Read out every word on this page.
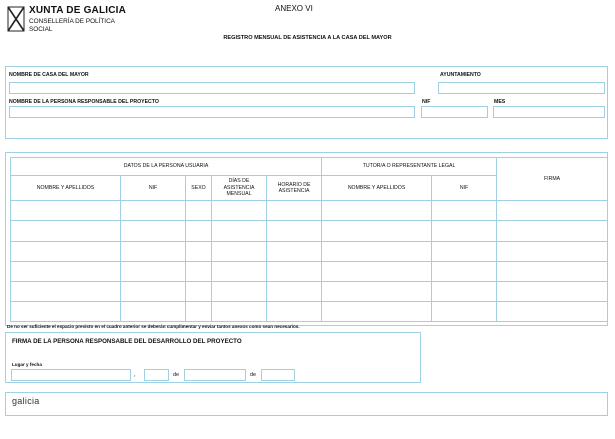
XUNTA DE GALICIA
CONSELLERÍA DE POLÍTICA
SOCIAL
ANEXO VI
REGISTRO MENSUAL DE ASISTENCIA A LA CASA DEL MAYOR
NOMBRE DE CASA DEL MAYOR	AYUNTAMIENTO
NOMBRE DE LA PERSONA RESPONSABLE DEL PROYECTO	NIF	MES
DATOS DE LA PERSONA USUARIA					TUTOR/A O REPRESENTANTE LEGAL		FIRMA
NOMBRE Y APELLIDOS	NIF	SEXO	DÍAS DE ASISTENCIA MENSUAL	HORARIO DE ASISTENCIA	NOMBRE Y APELLIDOS	NIF	

De no ser suficiente el espacio previsto en el cuadro anterior se deberán cumplimentar y enviar tantos anexos como sean necesarios.
FIRMA DE LA PERSONA RESPONSABLE DEL DESARROLLO DEL PROYECTO
Lugar y fecha
,	de	de
galicia
